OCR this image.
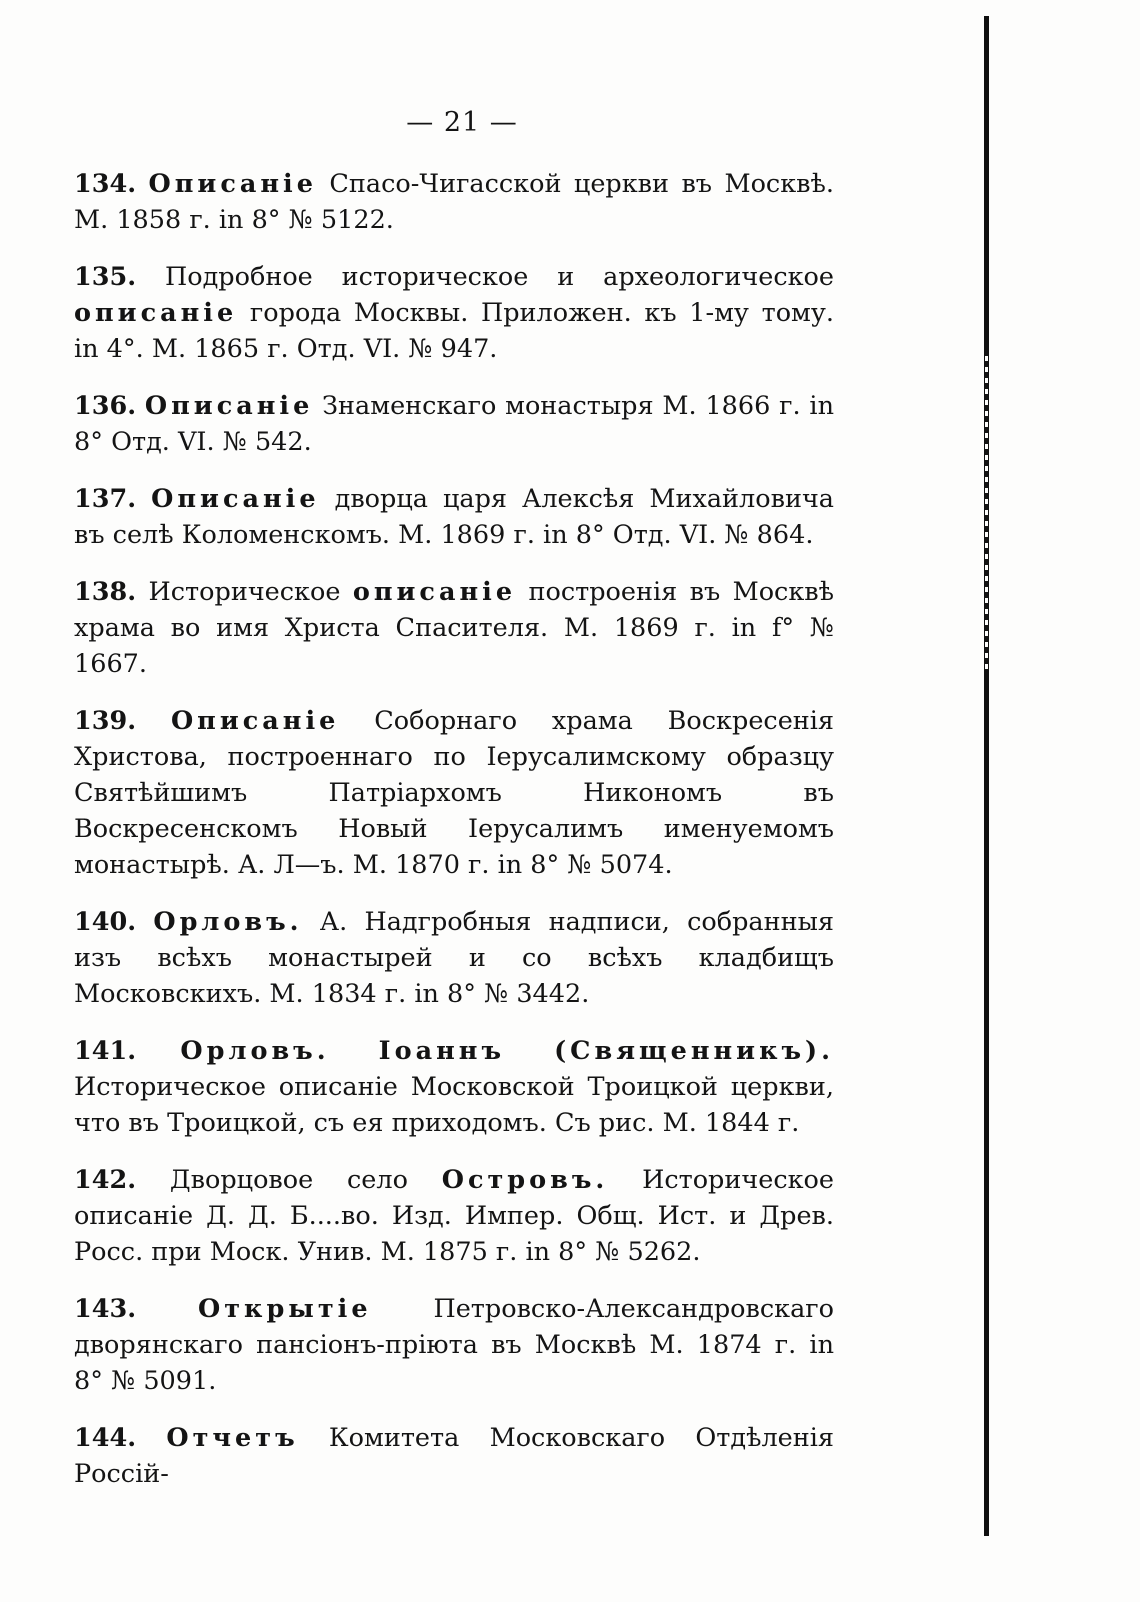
— 21 —

134. Описаніе Спасо-Чигасской церкви въ Москвѣ. М. 1858 г. in 8° № 5122.

135. Подробное историческое и археологическое описаніе города Москвы. Приложен. къ 1-му тому. in 4°. М. 1865 г. Отд. VI. № 947.

136. Описаніе Знаменскаго монастыря М. 1866 г. in 8° Отд. VI. № 542.

137. Описаніе дворца царя Алексѣя Михайловича въ селѣ Коломенскомъ. М. 1869 г. in 8° Отд. VI. № 864.

138. Историческое описаніе построенія въ Москвѣ храма во имя Христа Спасителя. М. 1869 г. in f° № 1667.

139. Описаніе Соборнаго храма Воскресенія Христова, построеннаго по Іерусалимскому образцу Святѣйшимъ Патріархомъ Никономъ въ Воскресенскомъ Новый Іерусалимъ именуемомъ монастырѣ. А. Л—ъ. М. 1870 г. in 8° № 5074.

140. Орловъ. А. Надгробныя надписи, собранныя изъ всѣхъ монастырей и со всѣхъ кладбищъ Московскихъ. М. 1834 г. in 8° № 3442.

141. Орловъ. Іоаннъ (Священникъ). Историческое описаніе Московской Троицкой церкви, что въ Троицкой, съ ея приходомъ. Съ рис. М. 1844 г.

142. Дворцовое село Островъ. Историческое описаніе Д. Д. Б....во. Изд. Импер. Общ. Ист. и Древ. Росс. при Моск. Унив. М. 1875 г. in 8° № 5262.

143. Открытіе Петровско-Александровскаго дворянскаго пансіонъ-пріюта въ Москвѣ М. 1874 г. in 8° № 5091.

144. Отчетъ Комитета Московскаго Отдѣленія Россій-
